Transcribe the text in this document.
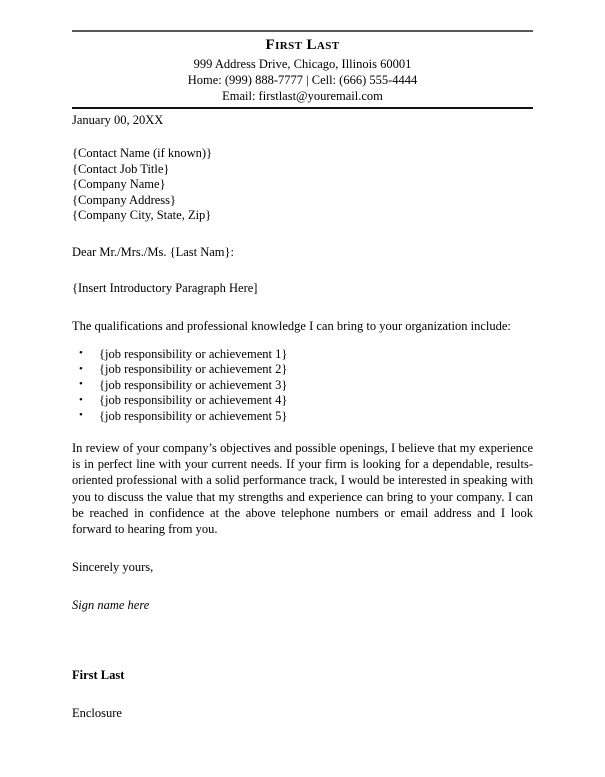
First Last
999 Address Drive, Chicago, Illinois 60001
Home: (999) 888-7777 | Cell: (666) 555-4444
Email: firstlast@youremail.com
January 00, 20XX
{Contact Name (if known)}
{Contact Job Title}
{Company Name}
{Company Address}
{Company City, State, Zip}
Dear Mr./Mrs./Ms. {Last Nam}:
{Insert Introductory Paragraph Here]
The qualifications and professional knowledge I can bring to your organization include:
• {job responsibility or achievement 1}
• {job responsibility or achievement 2}
• {job responsibility or achievement 3}
• {job responsibility or achievement 4}
• {job responsibility or achievement 5}
In review of your company’s objectives and possible openings, I believe that my experience is in perfect line with your current needs. If your firm is looking for a dependable, results-oriented professional with a solid performance track, I would be interested in speaking with you to discuss the value that my strengths and experience can bring to your company. I can be reached in confidence at the above telephone numbers or email address and I look forward to hearing from you.
Sincerely yours,
Sign name here
First Last
Enclosure
